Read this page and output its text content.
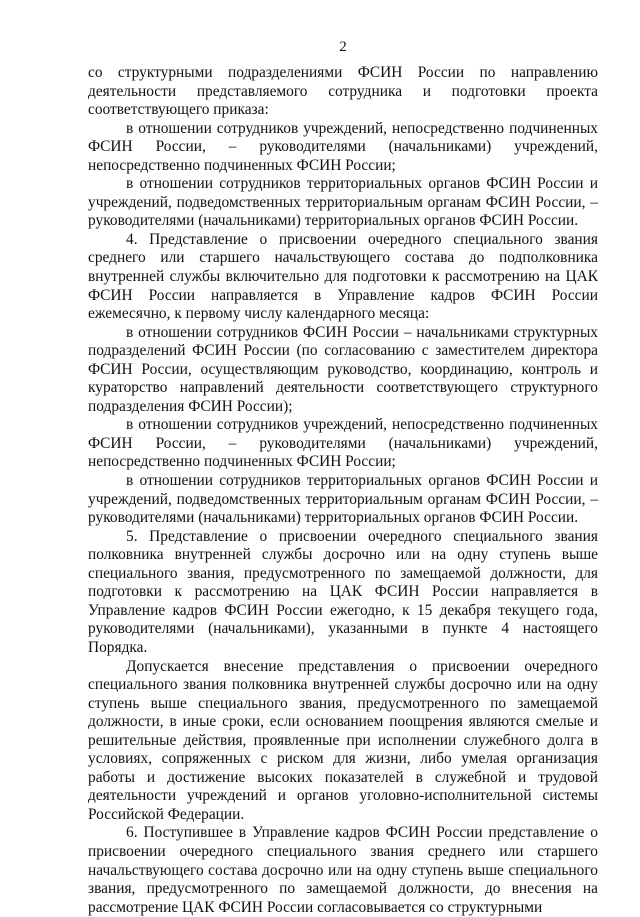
2

со структурными подразделениями ФСИН России по направлению деятельности представляемого сотрудника и подготовки проекта соответствующего приказа:

в отношении сотрудников учреждений, непосредственно подчиненных ФСИН России, – руководителями (начальниками) учреждений, непосредственно подчиненных ФСИН России;

в отношении сотрудников территориальных органов ФСИН России и учреждений, подведомственных территориальным органам ФСИН России, – руководителями (начальниками) территориальных органов ФСИН России.

4. Представление о присвоении очередного специального звания среднего или старшего начальствующего состава до подполковника внутренней службы включительно для подготовки к рассмотрению на ЦАК ФСИН России направляется в Управление кадров ФСИН России ежемесячно, к первому числу календарного месяца:

в отношении сотрудников ФСИН России – начальниками структурных подразделений ФСИН России (по согласованию с заместителем директора ФСИН России, осуществляющим руководство, координацию, контроль и кураторство направлений деятельности соответствующего структурного подразделения ФСИН России);

в отношении сотрудников учреждений, непосредственно подчиненных ФСИН России, – руководителями (начальниками) учреждений, непосредственно подчиненных ФСИН России;

в отношении сотрудников территориальных органов ФСИН России и учреждений, подведомственных территориальным органам ФСИН России, – руководителями (начальниками) территориальных органов ФСИН России.

5. Представление о присвоении очередного специального звания полковника внутренней службы досрочно или на одну ступень выше специального звания, предусмотренного по замещаемой должности, для подготовки к рассмотрению на ЦАК ФСИН России направляется в Управление кадров ФСИН России ежегодно, к 15 декабря текущего года, руководителями (начальниками), указанными в пункте 4 настоящего Порядка.

Допускается внесение представления о присвоении очередного специального звания полковника внутренней службы досрочно или на одну ступень выше специального звания, предусмотренного по замещаемой должности, в иные сроки, если основанием поощрения являются смелые и решительные действия, проявленные при исполнении служебного долга в условиях, сопряженных с риском для жизни, либо умелая организация работы и достижение высоких показателей в служебной и трудовой деятельности учреждений и органов уголовно-исполнительной системы Российской Федерации.

6. Поступившее в Управление кадров ФСИН России представление о присвоении очередного специального звания среднего или старшего начальствующего состава досрочно или на одну ступень выше специального звания, предусмотренного по замещаемой должности, до внесения на рассмотрение ЦАК ФСИН России согласовывается со структурными
